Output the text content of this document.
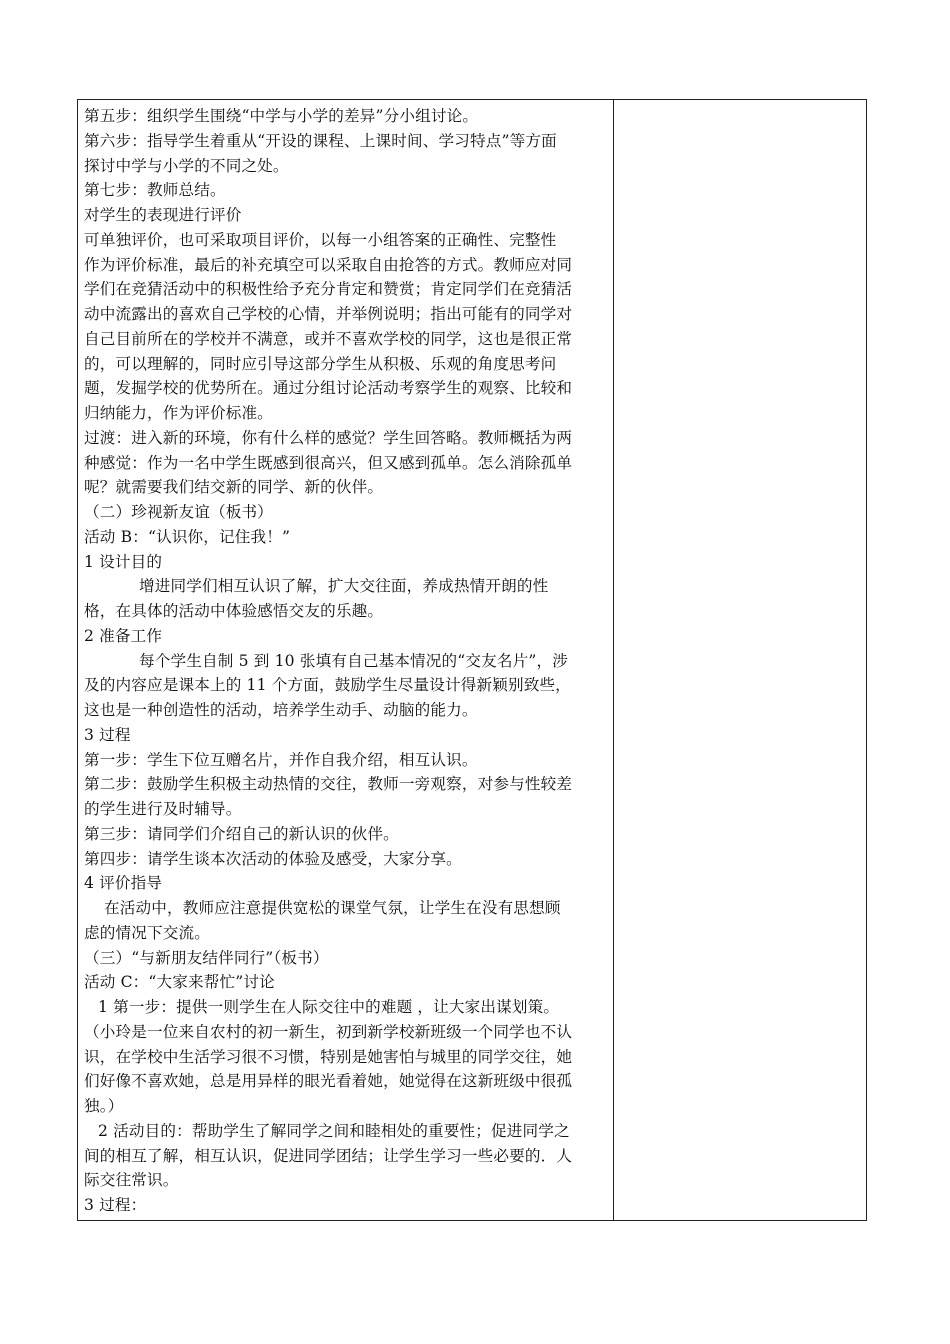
第五步：组织学生围绕“中学与小学的差异”分小组讨论。
第六步：指导学生着重从“开设的课程、上课时间、学习特点”等方面
探讨中学与小学的不同之处。
第七步：教师总结。
对学生的表现进行评价
可单独评价，也可采取项目评价，以每一小组答案的正确性、完整性
作为评价标准，最后的补充填空可以采取自由抢答的方式。教师应对同
学们在竞猜活动中的积极性给予充分肯定和赞赏；肯定同学们在竞猜活
动中流露出的喜欢自己学校的心情，并举例说明；指出可能有的同学对
自己目前所在的学校并不满意，或并不喜欢学校的同学，这也是很正常
的，可以理解的，同时应引导这部分学生从积极、乐观的角度思考问
题，发掘学校的优势所在。通过分组讨论活动考察学生的观察、比较和
归纳能力，作为评价标准。
过渡：进入新的环境，你有什么样的感觉？学生回答略。教师概括为两
种感觉：作为一名中学生既感到很高兴，但又感到孤单。怎么消除孤单
呢？就需要我们结交新的同学、新的伙伴。
（二）珍视新友谊（板书）
活动 B：“认识你，记住我！”
1 设计目的
增进同学们相互认识了解，扩大交往面，养成热情开朗的性
格，在具体的活动中体验感悟交友的乐趣。
2 准备工作
每个学生自制 5 到 10 张填有自己基本情况的“交友名片”，涉
及的内容应是课本上的 11 个方面，鼓励学生尽量设计得新颖别致些，
这也是一种创造性的活动，培养学生动手、动脑的能力。
3 过程
第一步：学生下位互赠名片，并作自我介绍，相互认识。
第二步：鼓励学生积极主动热情的交往，教师一旁观察，对参与性较差
的学生进行及时辅导。
第三步：请同学们介绍自己的新认识的伙伴。
第四步：请学生谈本次活动的体验及感受，大家分享。
4 评价指导
在活动中，教师应注意提供宽松的课堂气氛，让学生在没有思想顾
虑的情况下交流。
（三）“与新朋友结伴同行”（板书）
活动 C：“大家来帮忙”讨论
1 第一步：提供一则学生在人际交往中的难题 ，让大家出谋划策。
（小玲是一位来自农村的初一新生，初到新学校新班级一个同学也不认
识，在学校中生活学习很不习惯，特别是她害怕与城里的同学交往，她
们好像不喜欢她，总是用异样的眼光看着她，她觉得在这新班级中很孤
独。）
2 活动目的：帮助学生了解同学之间和睦相处的重要性；促进同学之
间的相互了解，相互认识，促进同学团结；让学生学习一些必要的．人
际交往常识。
3 过程：
